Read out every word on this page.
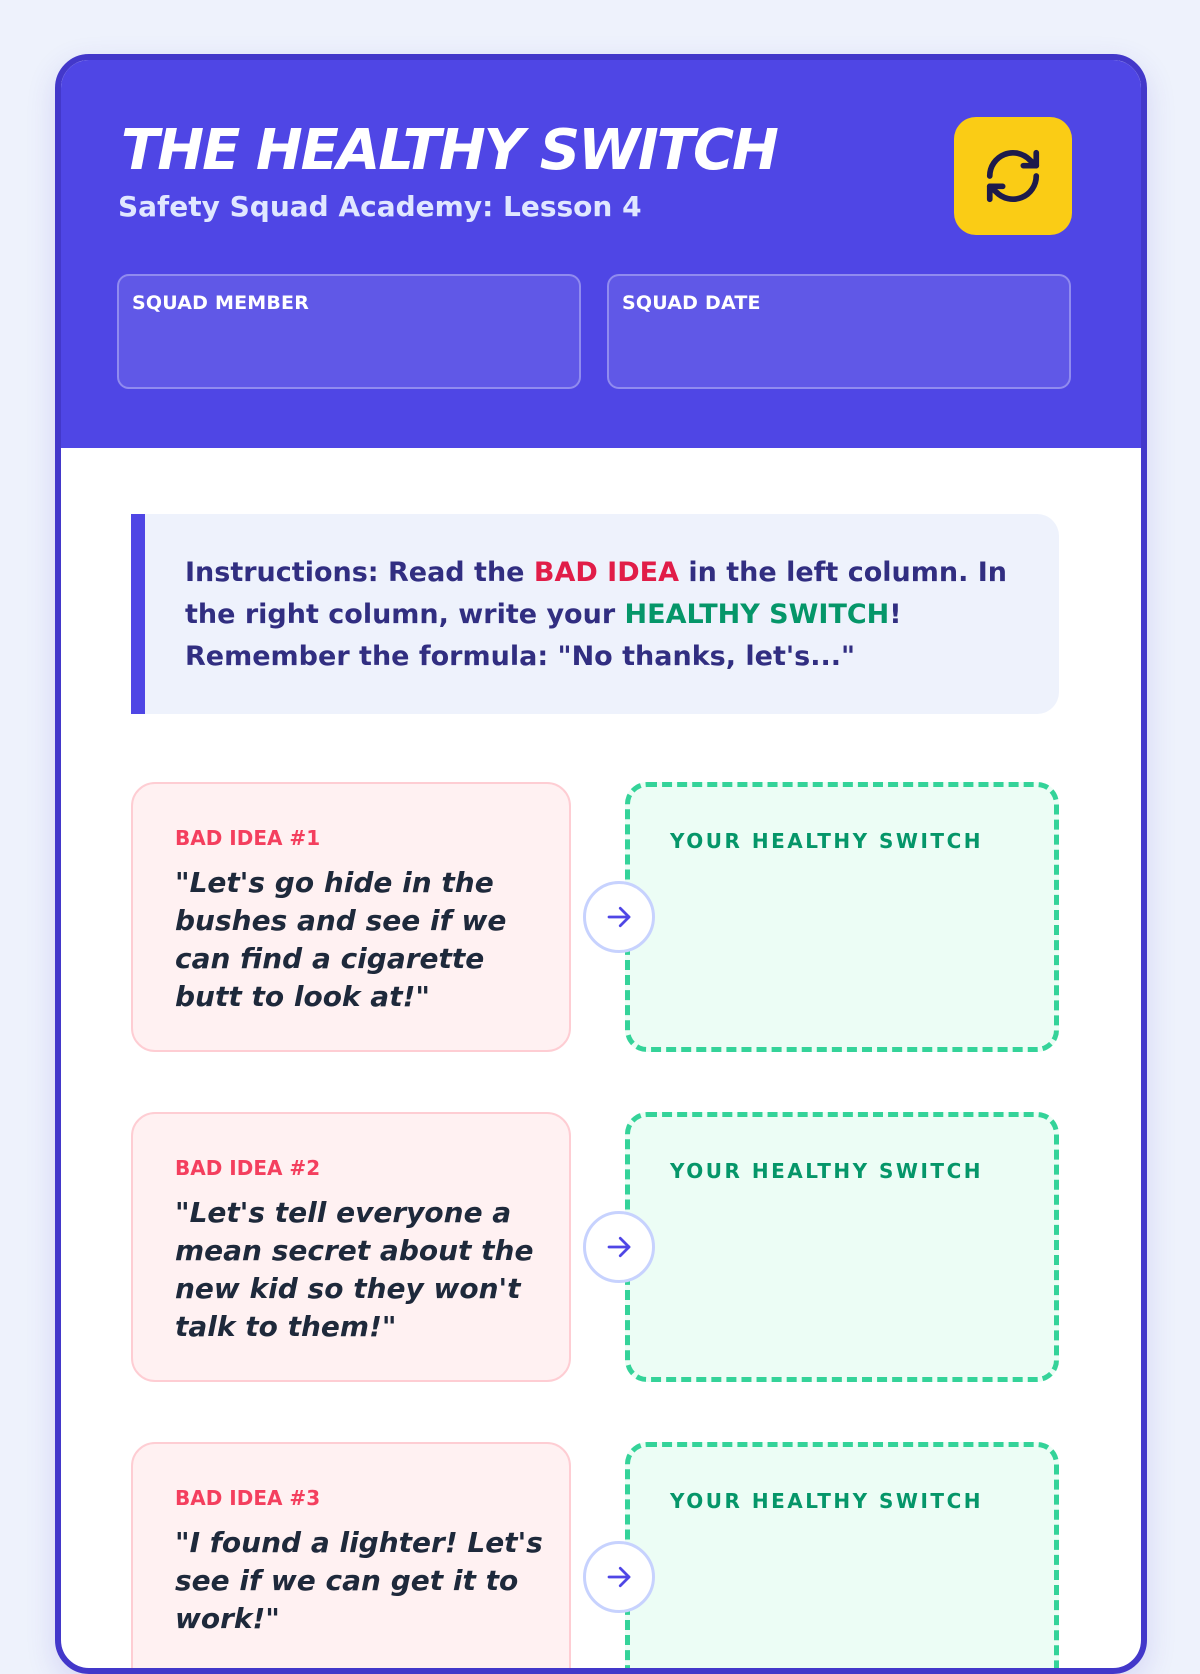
THE HEALTHY SWITCH
Safety Squad Academy: Lesson 4
SQUAD MEMBER	SQUAD DATE
Instructions: Read the BAD IDEA in the left column. In the right column, write your HEALTHY SWITCH! Remember the formula: "No thanks, let's..."
BAD IDEA #1
"Let's go hide in the bushes and see if we can find a cigarette butt to look at!"
YOUR HEALTHY SWITCH
BAD IDEA #2
"Let's tell everyone a mean secret about the new kid so they won't talk to them!"
YOUR HEALTHY SWITCH
BAD IDEA #3
"I found a lighter! Let's see if we can get it to work!"
YOUR HEALTHY SWITCH
